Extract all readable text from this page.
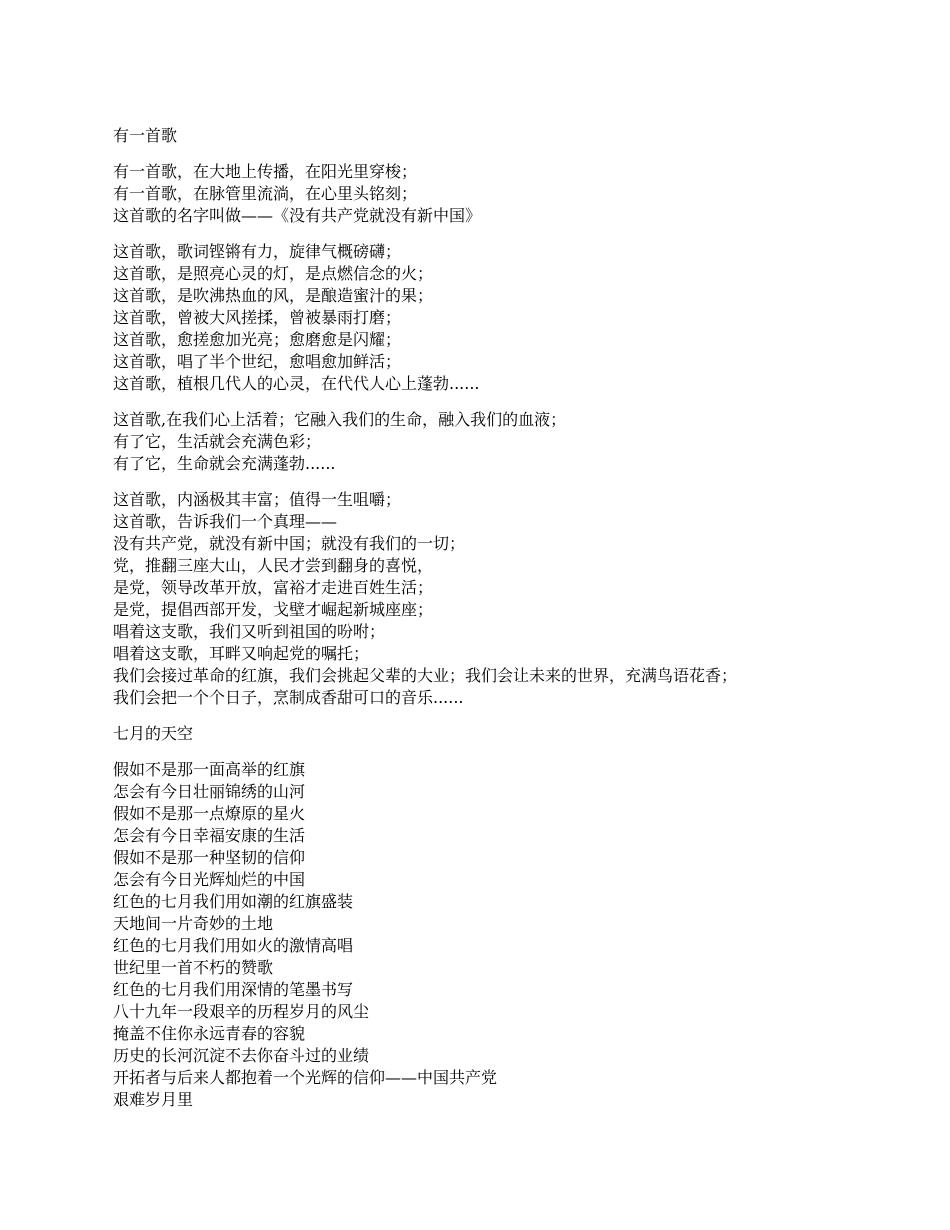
有一首歌
有一首歌，在大地上传播，在阳光里穿梭；
有一首歌，在脉管里流淌，在心里头铭刻；
这首歌的名字叫做——《没有共产党就没有新中国》
这首歌，歌词铿锵有力，旋律气概磅礴；
这首歌，是照亮心灵的灯，是点燃信念的火；
这首歌，是吹沸热血的风，是酿造蜜汁的果；
这首歌，曾被大风搓揉，曾被暴雨打磨；
这首歌，愈搓愈加光亮；愈磨愈是闪耀；
这首歌，唱了半个世纪，愈唱愈加鲜活；
这首歌，植根几代人的心灵，在代代人心上蓬勃......
这首歌,在我们心上活着；它融入我们的生命，融入我们的血液；
有了它，生活就会充满色彩；
有了它，生命就会充满蓬勃......
这首歌，内涵极其丰富；值得一生咀嚼；
这首歌，告诉我们一个真理——
没有共产党，就没有新中国；就没有我们的一切；
党，推翻三座大山，人民才尝到翻身的喜悦，
是党，领导改革开放，富裕才走进百姓生活；
是党，提倡西部开发，戈壁才崛起新城座座；
唱着这支歌，我们又听到祖国的吩咐；
唱着这支歌，耳畔又响起党的嘱托；
我们会接过革命的红旗，我们会挑起父辈的大业；我们会让未来的世界，充满鸟语花香；
我们会把一个个日子，烹制成香甜可口的音乐......
七月的天空
假如不是那一面高举的红旗
怎会有今日壮丽锦绣的山河
假如不是那一点燎原的星火
怎会有今日幸福安康的生活
假如不是那一种坚韧的信仰
怎会有今日光辉灿烂的中国
红色的七月我们用如潮的红旗盛装
天地间一片奇妙的土地
红色的七月我们用如火的激情高唱
世纪里一首不朽的赞歌
红色的七月我们用深情的笔墨书写
八十九年一段艰辛的历程岁月的风尘
掩盖不住你永远青春的容貌
历史的长河沉淀不去你奋斗过的业绩
开拓者与后来人都抱着一个光辉的信仰——中国共产党
艰难岁月里
